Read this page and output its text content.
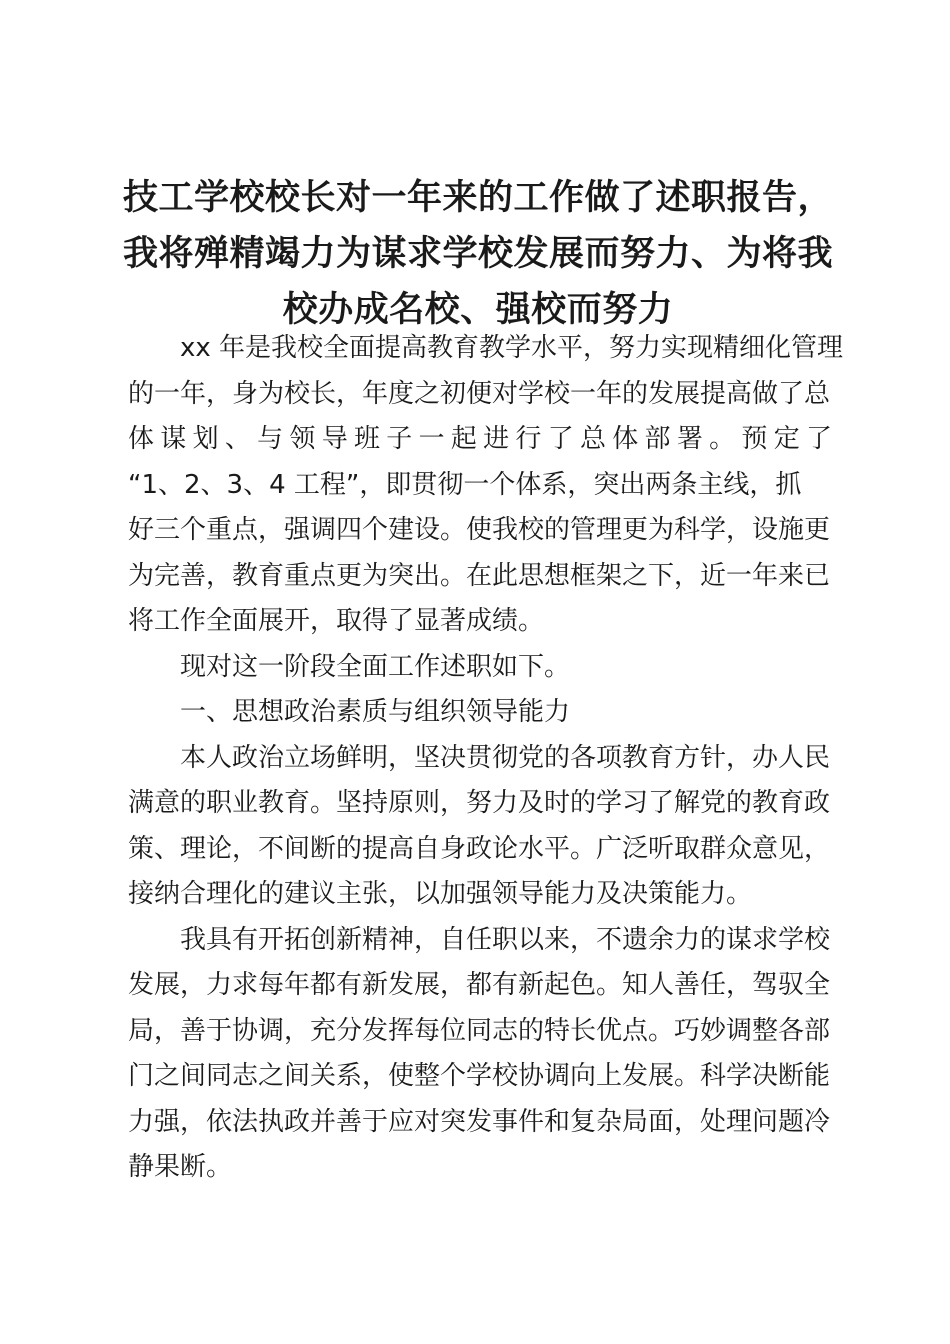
技工学校校长对一年来的工作做了述职报告，
我将殚精竭力为谋求学校发展而努力、为将我
校办成名校、强校而努力
xx 年是我校全面提高教育教学水平，努力实现精细化管理
的一年，身为校长，年度之初便对学校一年的发展提高做了总
体谋划、与领导班子一起进行了总体部署。预定了
“1、2、3、4 工程”，即贯彻一个体系，突出两条主线，抓
好三个重点，强调四个建设。使我校的管理更为科学，设施更
为完善，教育重点更为突出。在此思想框架之下，近一年来已
将工作全面展开，取得了显著成绩。
现对这一阶段全面工作述职如下。
一、思想政治素质与组织领导能力
本人政治立场鲜明，坚决贯彻党的各项教育方针，办人民
满意的职业教育。坚持原则，努力及时的学习了解党的教育政
策、理论，不间断的提高自身政论水平。广泛听取群众意见，
接纳合理化的建议主张，以加强领导能力及决策能力。
我具有开拓创新精神，自任职以来，不遗余力的谋求学校
发展，力求每年都有新发展，都有新起色。知人善任，驾驭全
局，善于协调，充分发挥每位同志的特长优点。巧妙调整各部
门之间同志之间关系，使整个学校协调向上发展。科学决断能
力强，依法执政并善于应对突发事件和复杂局面，处理问题冷
静果断。
